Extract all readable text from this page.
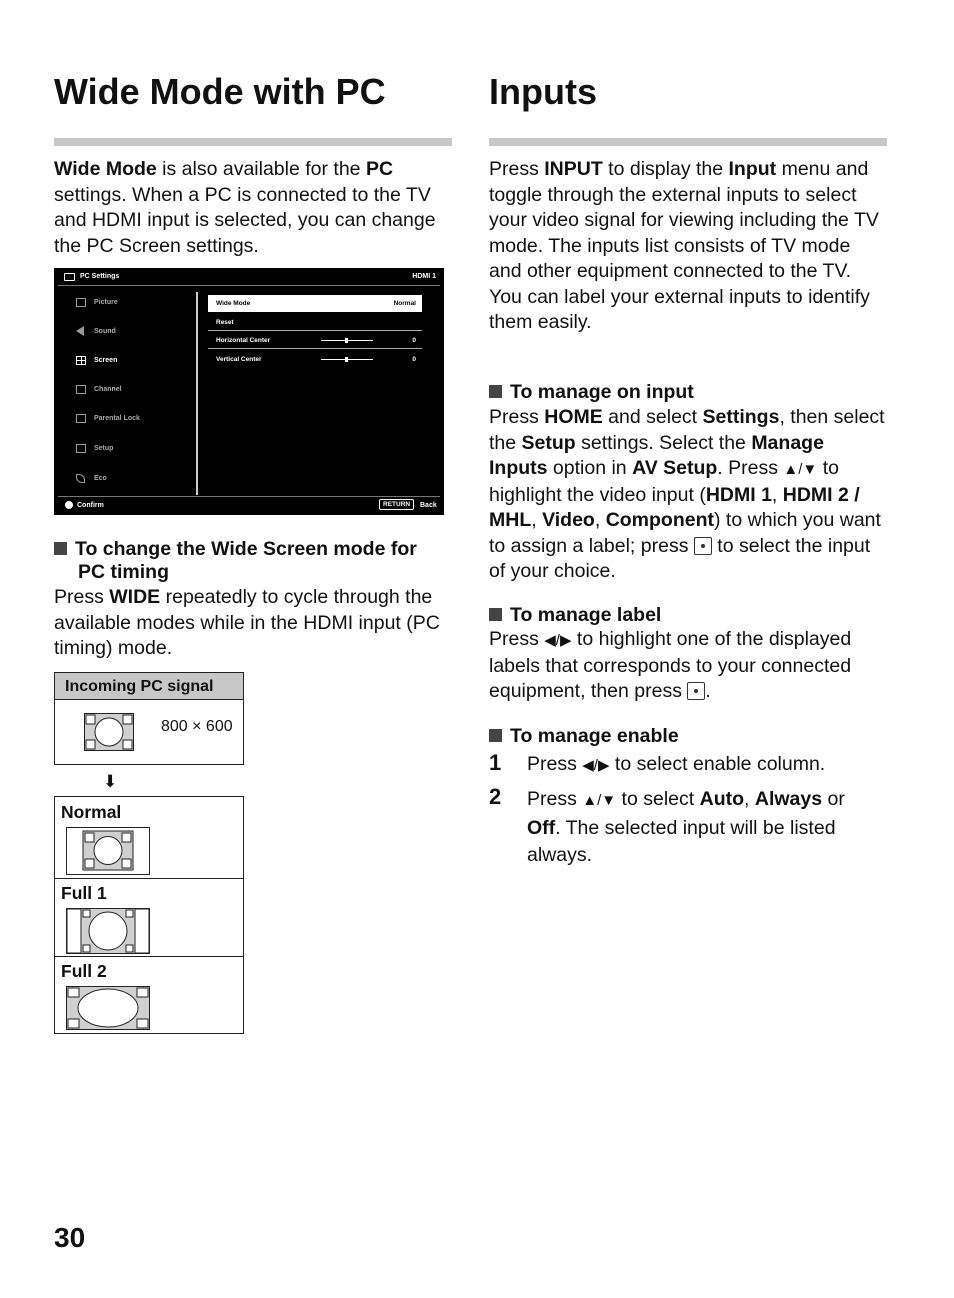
Wide Mode with PC
Wide Mode is also available for the PC settings. When a PC is connected to the TV and HDMI input is selected, you can change the PC Screen settings.
PC Settings	HDMI 1
Picture
Sound
Screen
Channel
Parental Lock
Setup
Eco
Wide Mode	Normal
Reset
Horizontal Center	0
Vertical Center	0
Confirm	RETURN	Back
To change the Wide Screen mode for
PC timing
Press WIDE repeatedly to cycle through the available modes while in the HDMI input (PC timing) mode.
Incoming PC signal
800 × 600
⬇
Normal
Full 1
Full 2
30
Inputs
Press INPUT to display the Input menu and toggle through the external inputs to select your video signal for viewing including the TV mode. The inputs list consists of TV mode and other equipment connected to the TV.
You can label your external inputs to identify them easily.
To manage on input
Press HOME and select Settings, then select the Setup settings. Select the Manage Inputs option in AV Setup. Press ▲/▼ to highlight the video input (HDMI 1, HDMI 2 / MHL, Video, Component) to which you want to assign a label; press  to select the input of your choice.
To manage label
Press ◀/▶ to highlight one of the displayed labels that corresponds to your connected equipment, then press .
To manage enable
1 Press ◀/▶ to select enable column.
2 Press ▲/▼ to select Auto, Always or Off. The selected input will be listed always.
